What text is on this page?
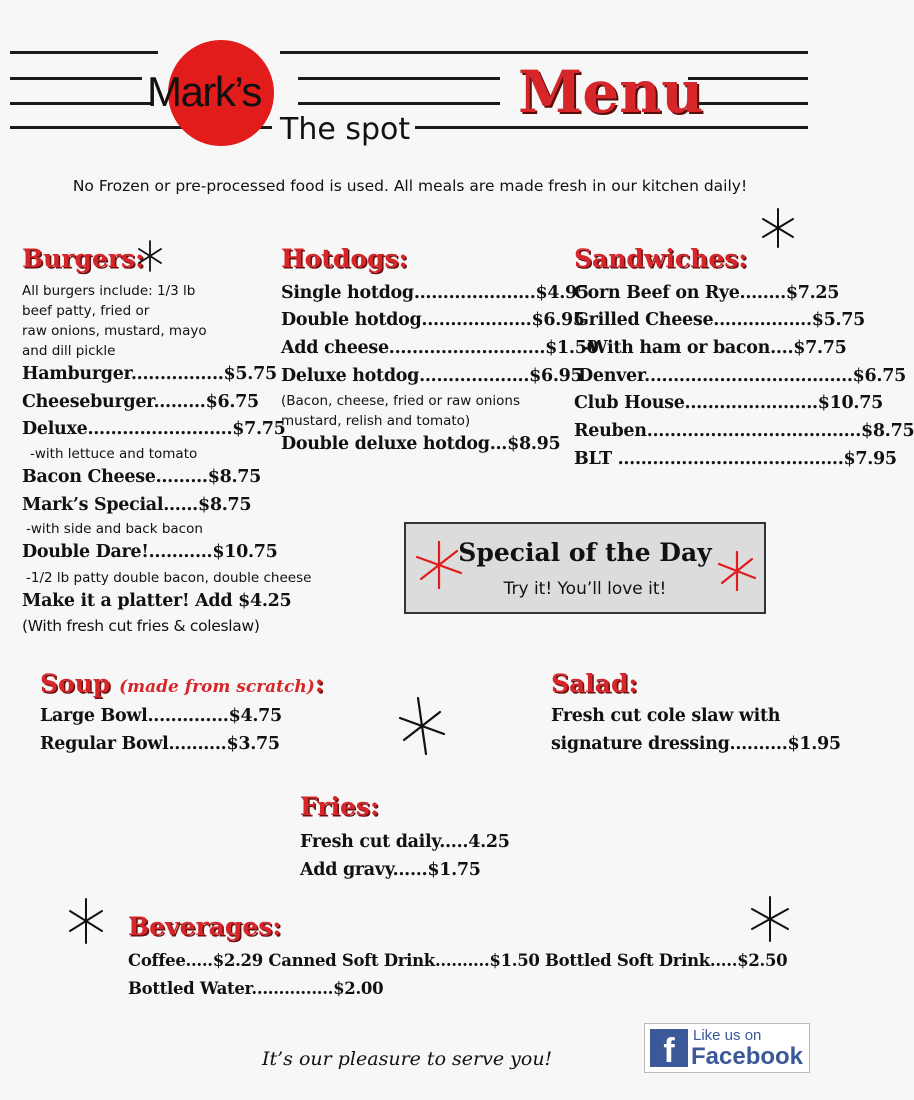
Mark’s
The spot
Menu
No Frozen or pre-processed food is used. All meals are made fresh in our kitchen daily!
Burgers:
All burgers include: 1/3 lb
beef patty, fried or
raw onions, mustard, mayo
and dill pickle
Hamburger................$5.75
Cheeseburger.........$6.75
Deluxe.........................$7.75
-with lettuce and tomato
Bacon Cheese.........$8.75
Mark’s Special......$8.75
-with side and back bacon
Double Dare!...........$10.75
-1/2 lb patty double bacon, double cheese
Make it a platter! Add $4.25
(With fresh cut fries & coleslaw)
Hotdogs:
Single hotdog.....................$4.95
Double hotdog...................$6.95
Add cheese...........................$1.50
Deluxe hotdog...................$6.95
(Bacon, cheese, fried or raw onions
mustard, relish and tomato)
Double deluxe hotdog...$8.95
Sandwiches:
Corn Beef on Rye........$7.25
Grilled Cheese.................$5.75
-With ham or bacon....$7.75
Denver....................................$6.75
Club House.......................$10.75
Reuben.....................................$8.75
BLT .......................................$7.95
Special of the Day
Try it! You’ll love it!
Soup (made from scratch):
Large Bowl..............$4.75
Regular Bowl..........$3.75
Salad:
Fresh cut cole slaw with
signature dressing..........$1.95
Fries:
Fresh cut daily.....4.25
Add gravy......$1.75
Beverages:
Coffee.....$2.29 Canned Soft Drink..........$1.50 Bottled Soft Drink.....$2.50
Bottled Water...............$2.00
It’s our pleasure to serve you!	f	Like us on
Facebook
